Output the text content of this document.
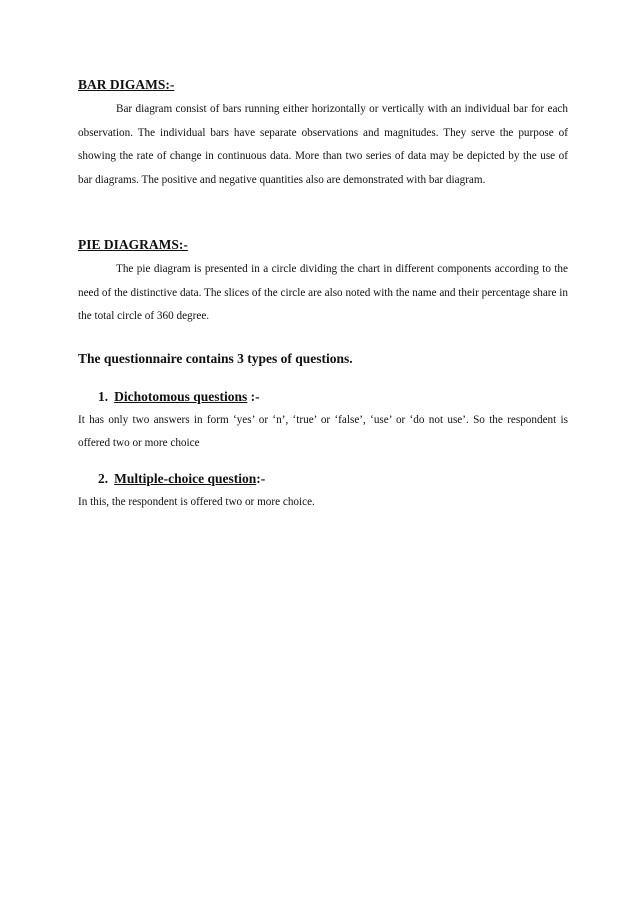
BAR DIGAMS:-

Bar diagram consist of bars running either horizontally or vertically with an individual bar for each observation. The individual bars have separate observations and magnitudes. They serve the purpose of showing the rate of change in continuous data. More than two series of data may be depicted by the use of bar diagrams. The positive and negative quantities also are demonstrated with bar diagram.

PIE DIAGRAMS:-

The pie diagram is presented in a circle dividing the chart in different components according to the need of the distinctive data. The slices of the circle are also noted with the name and their percentage share in the total circle of 360 degree.

The questionnaire contains 3 types of questions.

1. Dichotomous questions :-

It has only two answers in form ‘yes’ or ‘n’, ‘true’ or ‘false’, ‘use’ or ‘do not use’. So the respondent is offered two or more choice

2. Multiple-choice question:-

In this, the respondent is offered two or more choice.
